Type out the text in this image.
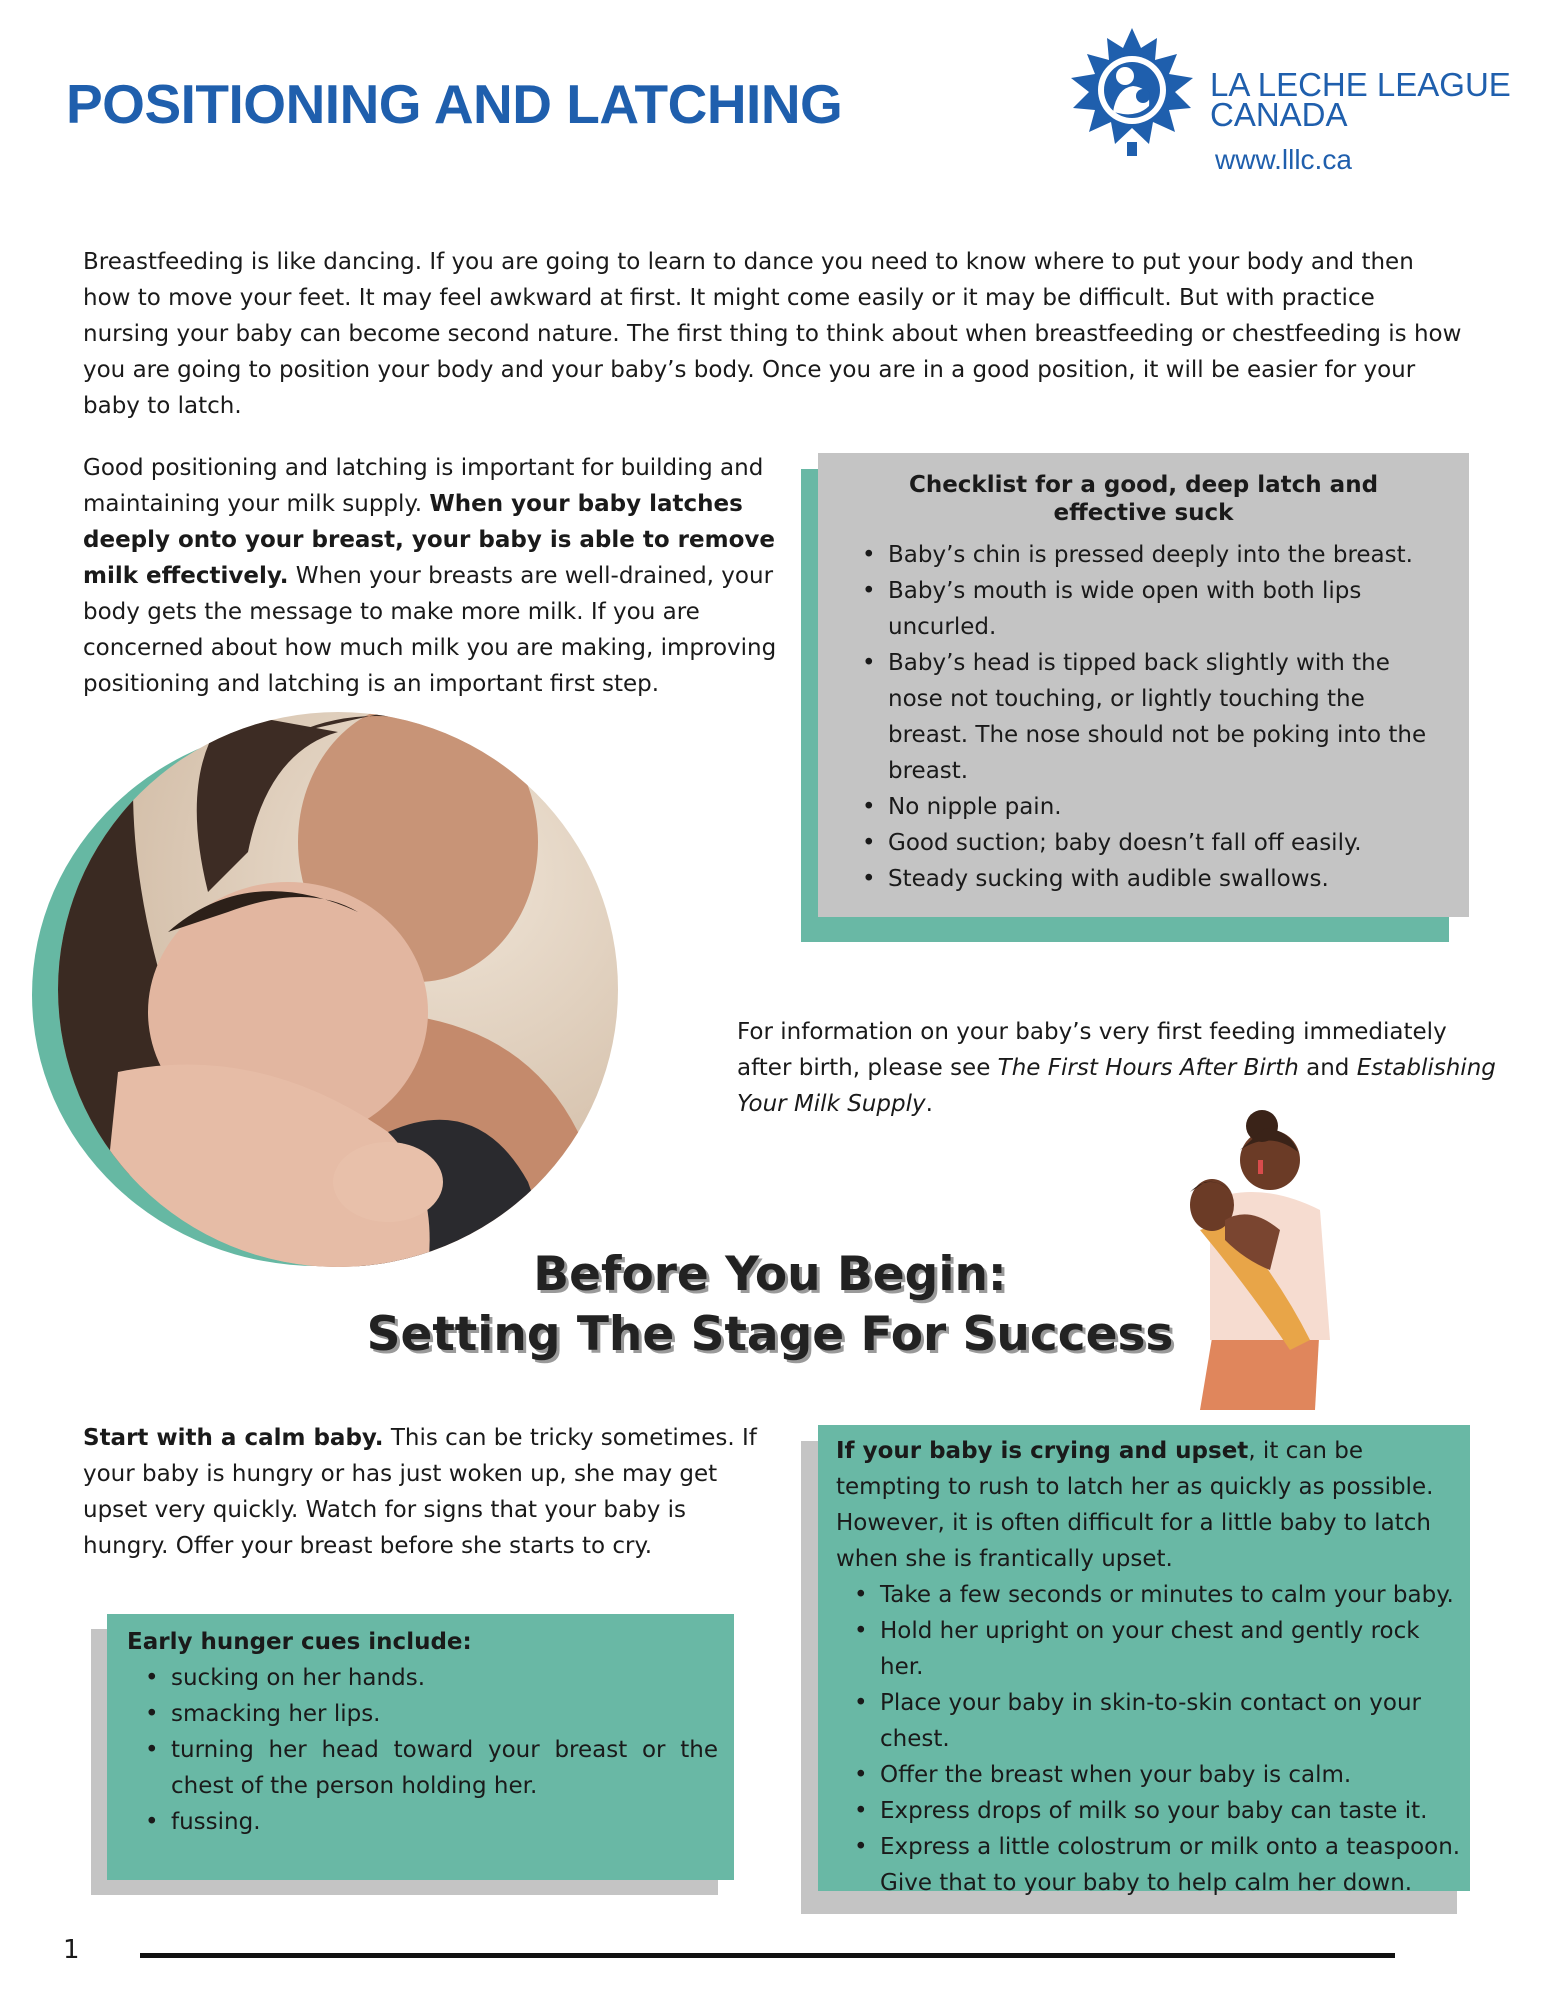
POSITIONING AND LATCHING	LA LECHE LEAGUE
CANADA
www.lllc.ca

Breastfeeding is like dancing. If you are going to learn to dance you need to know where to put your body and then how to move your feet. It may feel awkward at first. It might come easily or it may be difficult. But with practice nursing your baby can become second nature. The first thing to think about when breastfeeding or chestfeeding is how you are going to position your body and your baby’s body. Once you are in a good position, it will be easier for your baby to latch.

Good positioning and latching is important for building and maintaining your milk supply. When your baby latches deeply onto your breast, your baby is able to remove milk effectively. When your breasts are well-drained, your body gets the message to make more milk. If you are concerned about how much milk you are making, improving positioning and latching is an important first step.

Checklist for a good, deep latch and effective suck
• Baby’s chin is pressed deeply into the breast.
• Baby’s mouth is wide open with both lips uncurled.
• Baby’s head is tipped back slightly with the nose not touching, or lightly touching the breast. The nose should not be poking into the breast.
• No nipple pain.
• Good suction; baby doesn’t fall off easily.
• Steady sucking with audible swallows.

For information on your baby’s very first feeding immediately after birth, please see The First Hours After Birth and Establishing Your Milk Supply.

Before You Begin:
Setting The Stage For Success

Start with a calm baby. This can be tricky sometimes. If your baby is hungry or has just woken up, she may get upset very quickly. Watch for signs that your baby is hungry. Offer your breast before she starts to cry.

Early hunger cues include:
• sucking on her hands.
• smacking her lips.
• turning her head toward your breast or the chest of the person holding her.
• fussing.

If your baby is crying and upset, it can be tempting to rush to latch her as quickly as possible. However, it is often difficult for a little baby to latch when she is frantically upset.

• Take a few seconds or minutes to calm your baby.
• Hold her upright on your chest and gently rock her.
• Place your baby in skin-to-skin contact on your chest.
• Offer the breast when your baby is calm.
• Express drops of milk so your baby can taste it.
• Express a little colostrum or milk onto a teaspoon. Give that to your baby to help calm her down.
1
